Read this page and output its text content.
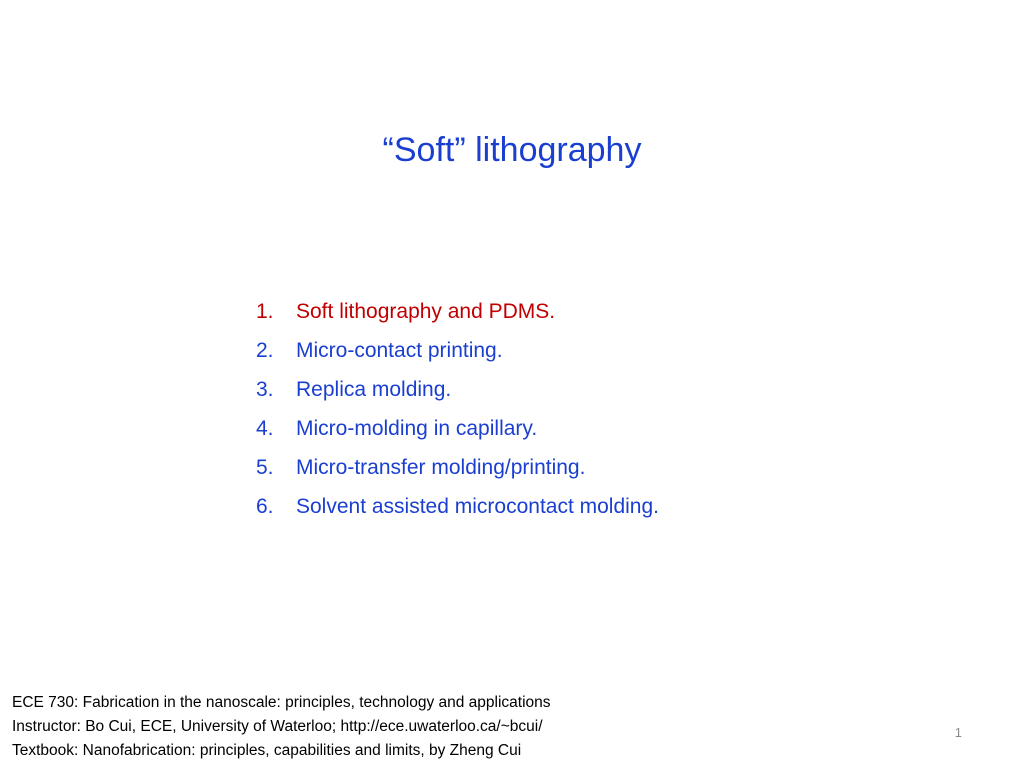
“Soft” lithography
1.	Soft lithography and PDMS.
2.	Micro-contact printing.
3.	Replica molding.
4.	Micro-molding in capillary.
5.	Micro-transfer molding/printing.
6.	Solvent assisted microcontact molding.
ECE 730: Fabrication in the nanoscale: principles, technology and applications
Instructor: Bo Cui, ECE, University of Waterloo; http://ece.uwaterloo.ca/~bcui/
Textbook: Nanofabrication: principles, capabilities and limits, by Zheng Cui
1
